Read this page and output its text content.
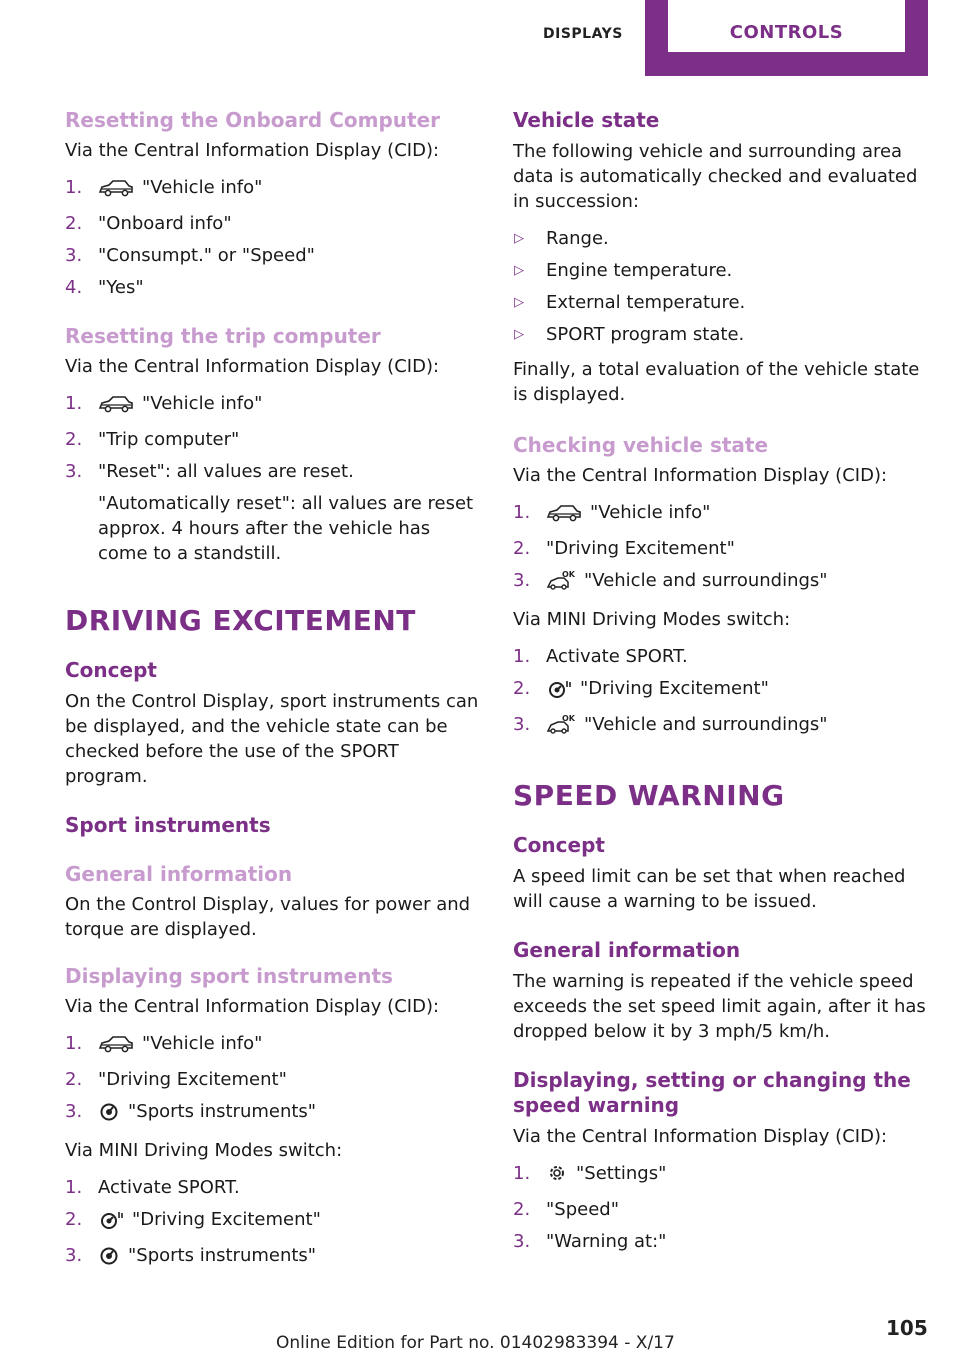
DISPLAYS	CONTROLS
Resetting the Onboard Computer

Via the Central Information Display (CID):

1.	"Vehicle info"
2. "Onboard info"
3. "Consumpt." or "Speed"
4. "Yes"
Resetting the trip computer

Via the Central Information Display (CID):

1.	"Vehicle info"
2. "Trip computer"
3. "Reset": all values are reset.
"Automatically reset": all values are reset approx. 4 hours after the vehicle has come to a standstill.
DRIVING EXCITEMENT
Concept

On the Control Display, sport instruments can be displayed, and the vehicle state can be checked before the use of the SPORT program.

Sport instruments
General information

On the Control Display, values for power and torque are displayed.

Displaying sport instruments

Via the Central Information Display (CID):

1.	"Vehicle info"
2. "Driving Excitement"
3.	"Sports instruments"

Via MINI Driving Modes switch:

1. Activate SPORT.
2.	"Driving Excitement"
3.	"Sports instruments"
Vehicle state

The following vehicle and surrounding area data is automatically checked and evaluated in succession:

▷ Range.
▷ Engine temperature.
▷ External temperature.
▷ SPORT program state.

Finally, a total evaluation of the vehicle state is displayed.

Checking vehicle state

Via the Central Information Display (CID):

1.	"Vehicle info"
2. "Driving Excitement"
3.	OK "Vehicle and surroundings"

Via MINI Driving Modes switch:

1. Activate SPORT.
2.	"Driving Excitement"
3.	OK "Vehicle and surroundings"
SPEED WARNING
Concept

A speed limit can be set that when reached will cause a warning to be issued.

General information

The warning is repeated if the vehicle speed exceeds the set speed limit again, after it has dropped below it by 3 mph/5 km/h.

Displaying, setting or changing the speed warning

Via the Central Information Display (CID):

1.	"Settings"
2. "Speed"
3. "Warning at:"
105
Online Edition for Part no. 01402983394 - X/17
